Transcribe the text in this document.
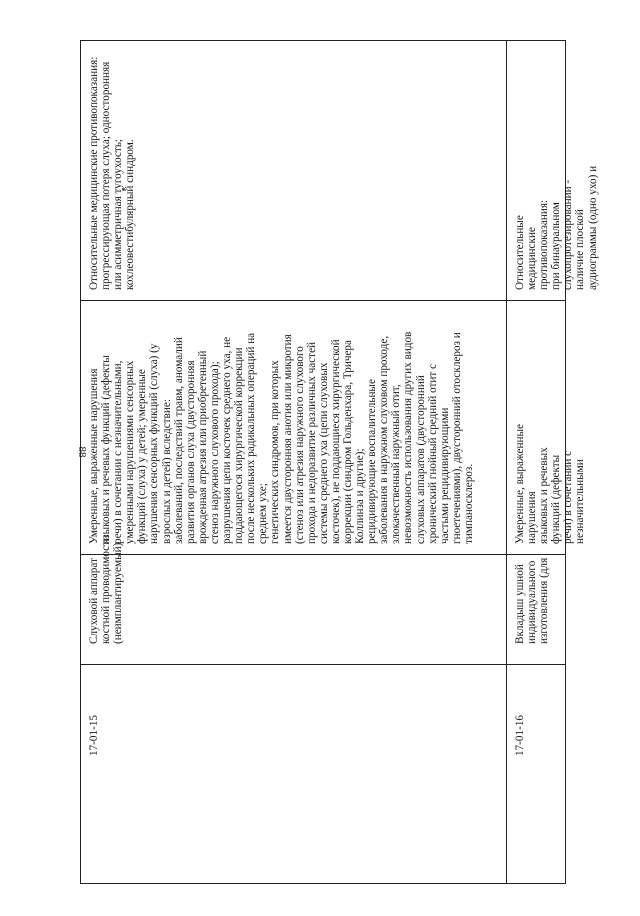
88
17-01-15
Слуховой аппарат
костной проводимости
(неимплантируемый)
Умеренные, выраженные нарушения
языковых и речевых функций (дефекты
речи) в сочетании с незначительными,
умеренными нарушениями сенсорных
функций (слуха) у детей; умеренные
нарушения сенсорных функций (слуха) (у
взрослых и детей) вследствие:
заболеваний, последствий травм, аномалий
развития органов слуха (двусторонняя
врожденная атрезия или приобретенный
стеноз наружного слухового прохода);
разрушения цепи косточек среднего уха, не
поддающегося хирургической коррекции
после нескольких радикальных операций на
среднем ухе;
генетических синдромов, при которых
имеется двусторонняя анотия или микротия
(стеноз или атрезия наружного слухового
прохода и недоразвитие различных частей
системы среднего уха (цепи слуховых
косточек), не поддающиеся хирургической
коррекции (синдром Гольденхара, Тричера
Коллинза и другие);
рецидивирующие воспалительные
заболевания в наружном слуховом проходе,
злокачественный наружный отит,
невозможность использования других видов
слуховых аппаратов (двусторонний
хронический гнойный средний отит с
частыми рецидивирующими
гноетечениями), двусторонний отосклероз и
тимпаносклероз.
Относительные медицинские противопоказания:
прогрессирующая потеря слуха; односторонняя
или асимметричная тугоухость;
кохлеовестибулярный синдром.
17-01-16
Вкладыш ушной
индивидуального
изготовления (для
Умеренные, выраженные нарушения
языковых и речевых функций (дефекты
речи) в сочетании с незначительными
Относительные медицинские противопоказания:
при бинауральном слухопротезировании -
наличие плоской аудиограммы (одно ухо) и
